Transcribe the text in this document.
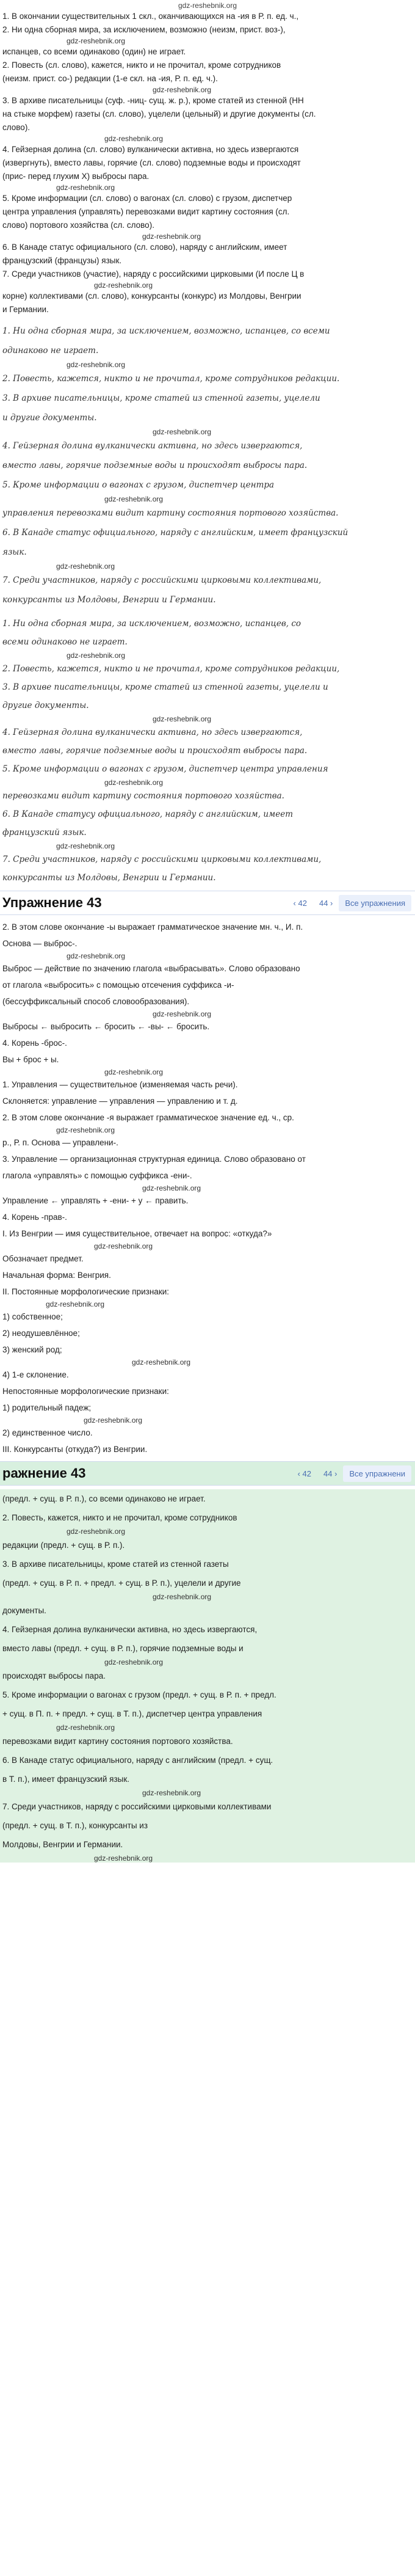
gdz-reshebnik.org

1. В окончании существительных 1 скл., оканчивающихся на -ия в Р. п. ед. ч.,

2. Ни одна сборная мира, за исключением, возможно (неизм, прист. воз-),

gdz-reshebnik.org

испанцев, со всеми одинаково (один) не играет.

2. Повесть (сл. слово), кажется, никто и не прочитал, кроме сотрудников

(неизм. прист. со-) редакции (1-е скл. на -ия, Р. п. ед. ч.).

gdz-reshebnik.org

3. В архиве писательницы (суф. -ниц- сущ. ж. р.), кроме статей из стенной (НН

на стыке морфем) газеты (сл. слово), уцелели (цельный) и другие документы (сл.

слово).

gdz-reshebnik.org

4. Гейзерная долина (сл. слово) вулканически активна, но здесь извергаются

(извергнуть), вместо лавы, горячие (сл. слово) подземные воды и происходят

(прис- перед глухим X) выбросы пара.

gdz-reshebnik.org

5. Кроме информации (сл. слово) о вагонах (сл. слово) с грузом, диспетчер

центра управления (управлять) перевозками видит картину состояния (сл.

слово) портового хозяйства (сл. слово).

gdz-reshebnik.org

6. В Канаде статус официального (сл. слово), наряду с английским, имеет

французский (французы) язык.

7. Среди участников (участие), наряду с российскими цирковыми (И после Ц в

gdz-reshebnik.org

корне) коллективами (сл. слово), конкурсанты (конкурс) из Молдовы, Венгрии

и Германии.

1. Ни одна сборная мира, за исключением, возможно, испанцев, со всеми

одинаково не играет.

gdz-reshebnik.org

2. Повесть, кажется, никто и не прочитал, кроме сотрудников редакции.

3. В архиве писательницы, кроме статей из стенной газеты, уцелели

и другие документы.

gdz-reshebnik.org

4. Гейзерная долина вулканически активна, но здесь извергаются,

вместо лавы, горячие подземные воды и происходят выбросы пара.

5. Кроме информации о вагонах с грузом, диспетчер центра

gdz-reshebnik.org

управления перевозками видит картину состояния портового хозяйства.

6. В Канаде статус официального, наряду с английским, имеет французский

язык.

gdz-reshebnik.org

7. Среди участников, наряду с российскими цирковыми коллективами,

конкурсанты из Молдовы, Венгрии и Германии.

1. Ни одна сборная мира, за исключением, возможно, испанцев, со

всеми одинаково не играет.

gdz-reshebnik.org

2. Повесть, кажется, никто и не прочитал, кроме сотрудников редакции,

3. В архиве писательницы, кроме статей из стенной газеты, уцелели и

другие документы.

gdz-reshebnik.org

4. Гейзерная долина вулканически активна, но здесь извергаются,

вместо лавы, горячие подземные воды и происходят выбросы пара.

5. Кроме информации о вагонах с грузом, диспетчер центра управления

gdz-reshebnik.org

перевозками видит картину состояния портового хозяйства.

6. В Канаде статусу официального, наряду с английским, имеет

французский язык.

gdz-reshebnik.org

7. Среди участников, наряду с российскими цирковыми коллективами,

конкурсанты из Молдовы, Венгрии и Германии.

Упражнение 43	‹ 42	44 ›	Все упражнения

2. В этом слове окончание -ы выражает грамматическое значение мн. ч., И. п.

Основа — выброс-.

gdz-reshebnik.org

Выброс — действие по значению глагола «выбрасывать». Слово образовано

от глагола «выбросить» с помощью отсечения суффикса -и-

(бессуффиксальный способ словообразования).

gdz-reshebnik.org

Выбросы ← выбросить ← бросить ← -вы- ← бросить.

4. Корень -брос-.

Вы + брос + ы.

gdz-reshebnik.org

1. Управления — существительное (изменяемая часть речи).

Склоняется: управление — управления — управлению и т. д.

2. В этом слове окончание -я выражает грамматическое значение ед. ч., ср.

gdz-reshebnik.org

р., Р. п. Основа — управлени-.

3. Управление — организационная структурная единица. Слово образовано от

глагола «управлять» с помощью суффикса -ени-.

gdz-reshebnik.org

Управление ← управлять + -ени- + у ← править.

4. Корень -прав-.

I. Из Венгрии — имя существительное, отвечает на вопрос: «откуда?»

gdz-reshebnik.org

Обозначает предмет.

Начальная форма: Венгрия.

II. Постоянные морфологические признаки:

gdz-reshebnik.org

1) собственное;

2) неодушевлённое;

3) женский род;

gdz-reshebnik.org

4) 1-е склонение.

Непостоянные морфологические признаки:

1) родительный падеж;

gdz-reshebnik.org

2) единственное число.

III. Конкурсанты (откуда?) из Венгрии.

ражнение 43	‹ 42	44 ›	Все упражнени

(предл. + сущ. в Р. п.), со всеми одинаково не играет.

2. Повесть, кажется, никто и не прочитал, кроме сотрудников

gdz-reshebnik.org

редакции (предл. + сущ. в Р. п.).

3. В архиве писательницы, кроме статей из стенной газеты

(предл. + сущ. в Р. п. + предл. + сущ. в Р. п.), уцелели и другие

gdz-reshebnik.org

документы.

4. Гейзерная долина вулканически активна, но здесь извергаются,

вместо лавы (предл. + сущ. в Р. п.), горячие подземные воды и

gdz-reshebnik.org

происходят выбросы пара.

5. Кроме информации о вагонах с грузом (предл. + сущ. в Р. п. + предл.

+ сущ. в П. п. + предл. + сущ. в Т. п.), диспетчер центра управления

gdz-reshebnik.org

перевозками видит картину состояния портового хозяйства.

6. В Канаде статус официального, наряду с английским (предл. + сущ.

в Т. п.), имеет французский язык.

gdz-reshebnik.org

7. Среди участников, наряду с российскими цирковыми коллективами

(предл. + сущ. в Т. п.), конкурсанты из

Молдовы, Венгрии и Германии.

gdz-reshebnik.org
